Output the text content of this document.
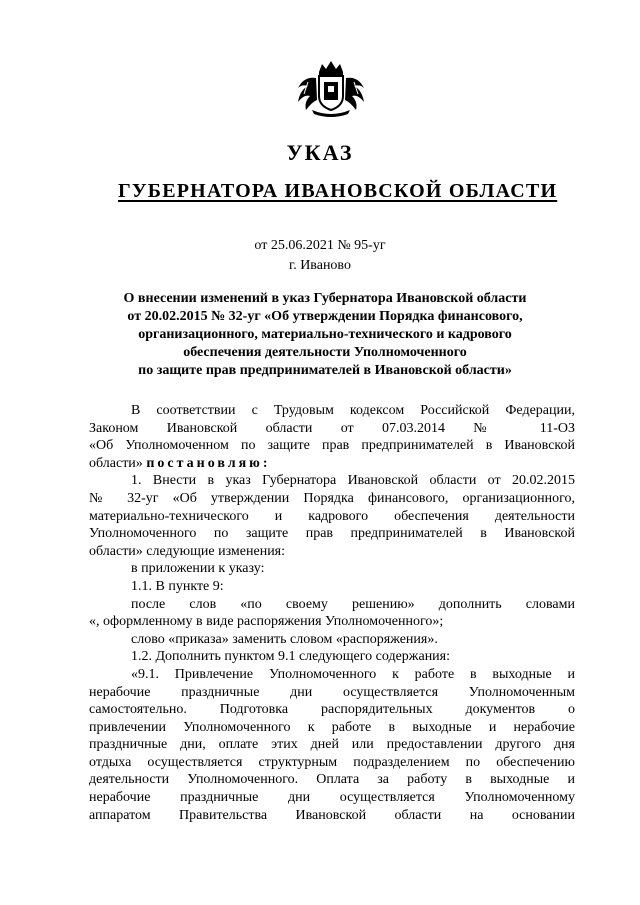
УКАЗ
ГУБЕРНАТОРА ИВАНОВСКОЙ ОБЛАСТИ
от 25.06.2021 № 95-уг
г. Иваново
О внесении изменений в указ Губернатора Ивановской области
от 20.02.2015 № 32-уг «Об утверждении Порядка финансового,
организационного, материально-технического и кадрового
обеспечения деятельности Уполномоченного
по защите прав предпринимателей в Ивановской области»
В соответствии с Трудовым кодексом Российской Федерации,
Законом Ивановской области от 07.03.2014 № 11-ОЗ
«Об Уполномоченном по защите прав предпринимателей в Ивановской
области» постановляю:
1. Внести в указ Губернатора Ивановской области от 20.02.2015
№ 32-уг «Об утверждении Порядка финансового, организационного,
материально-технического и кадрового обеспечения деятельности
Уполномоченного по защите прав предпринимателей в Ивановской
области» следующие изменения:
в приложении к указу:
1.1. В пункте 9:
после слов «по своему решению» дополнить словами
«, оформленному в виде распоряжения Уполномоченного»;
слово «приказа» заменить словом «распоряжения».
1.2. Дополнить пунктом 9.1 следующего содержания:
«9.1. Привлечение Уполномоченного к работе в выходные и
нерабочие праздничные дни осуществляется Уполномоченным
самостоятельно. Подготовка распорядительных документов о
привлечении Уполномоченного к работе в выходные и нерабочие
праздничные дни, оплате этих дней или предоставлении другого дня
отдыха осуществляется структурным подразделением по обеспечению
деятельности Уполномоченного. Оплата за работу в выходные и
нерабочие праздничные дни осуществляется Уполномоченному
аппаратом Правительства Ивановской области на основании
